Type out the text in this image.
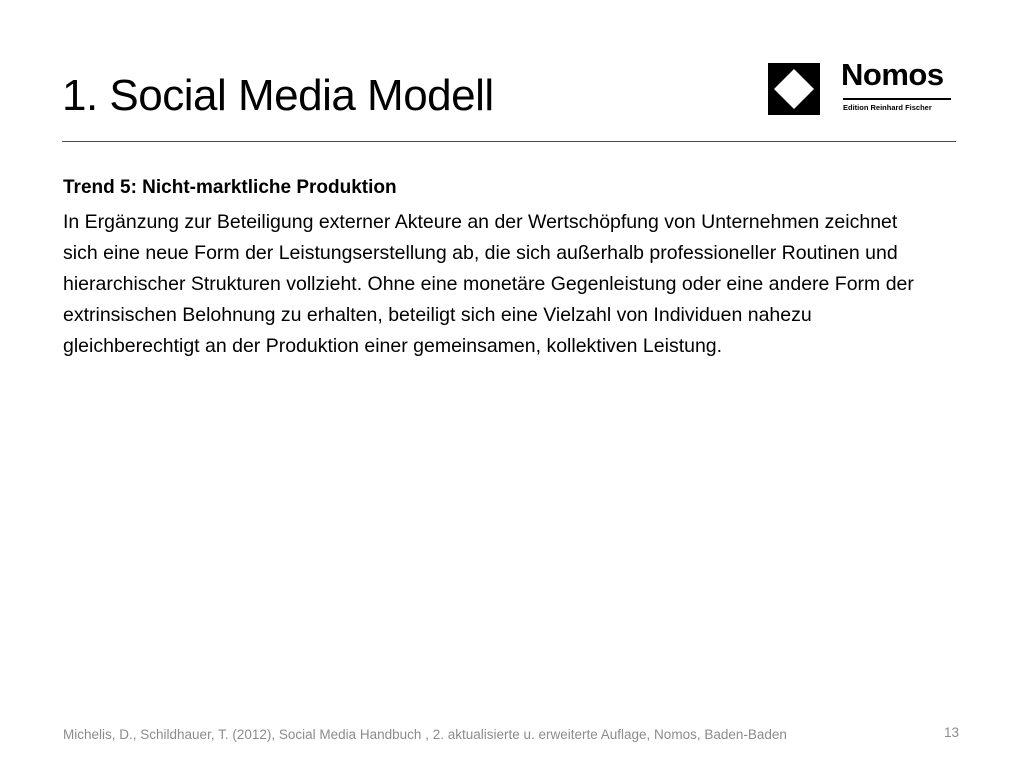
1. Social Media Modell	Nomos
Edition Reinhard Fischer

Trend 5: Nicht-marktliche Produktion

In Ergänzung zur Beteiligung externer Akteure an der Wertschöpfung von Unternehmen zeichnet sich eine neue Form der Leistungserstellung ab, die sich außerhalb professioneller Routinen und hierarchischer Strukturen vollzieht. Ohne eine monetäre Gegenleistung oder eine andere Form der extrinsischen Belohnung zu erhalten, beteiligt sich eine Vielzahl von Individuen nahezu gleichberechtigt an der Produktion einer gemeinsamen, kollektiven Leistung.

Michelis, D., Schildhauer, T. (2012), Social Media Handbuch , 2. aktualisierte u. erweiterte Auflage, Nomos, Baden-Baden	13
